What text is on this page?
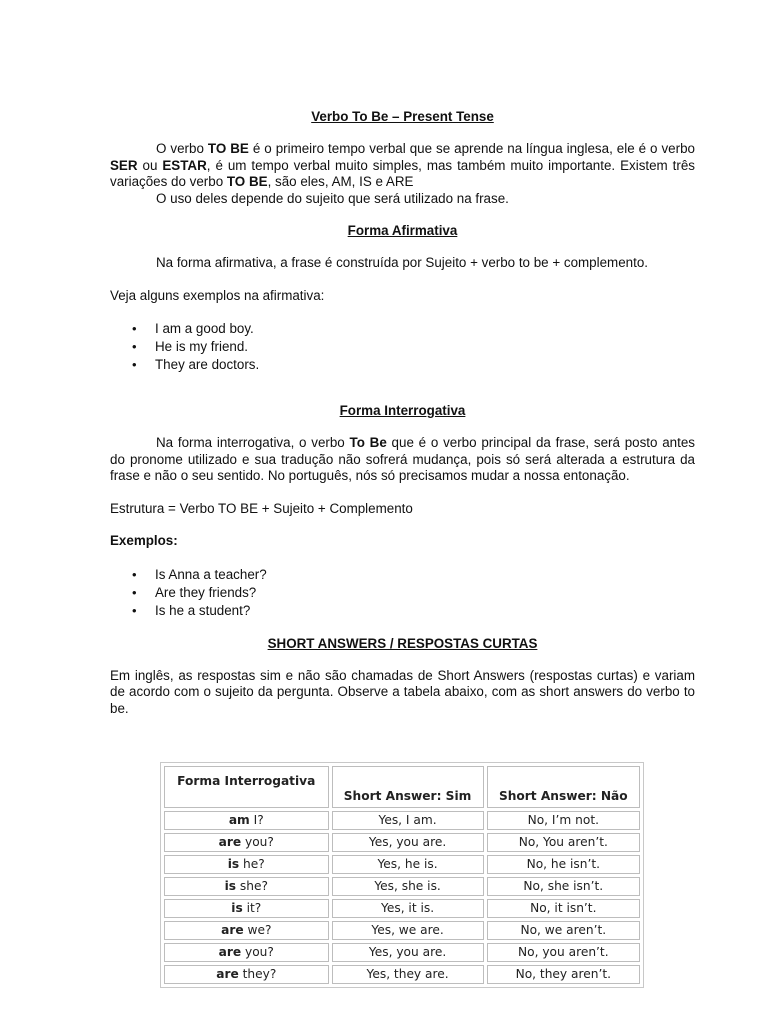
Verbo To Be – Present Tense

O verbo TO BE é o primeiro tempo verbal que se aprende na língua inglesa, ele é o verbo SER ou ESTAR, é um tempo verbal muito simples, mas também muito importante. Existem três variações do verbo TO BE, são eles, AM, IS e ARE

O uso deles depende do sujeito que será utilizado na frase.

Forma Afirmativa

Na forma afirmativa, a frase é construída por Sujeito + verbo to be + complemento.

Veja alguns exemplos na afirmativa:

• I am a good boy.
• He is my friend.
• They are doctors.
Forma Interrogativa

Na forma interrogativa, o verbo To Be que é o verbo principal da frase, será posto antes do pronome utilizado e sua tradução não sofrerá mudança, pois só será alterada a estrutura da frase e não o seu sentido. No português, nós só precisamos mudar a nossa entonação.

Estrutura = Verbo TO BE + Sujeito + Complemento

Exemplos:

• Is Anna a teacher?
• Are they friends?
• Is he a student?
SHORT ANSWERS / RESPOSTAS CURTAS

Em inglês, as respostas sim e não são chamadas de Short Answers (respostas curtas) e variam de acordo com o sujeito da pergunta. Observe a tabela abaixo, com as short answers do verbo to be.

Forma Interrogativa	Short Answer: Sim	Short Answer: Não
am I?	Yes, I am.	No, I’m not.
are you?	Yes, you are.	No, You aren’t.
is he?	Yes, he is.	No, he isn’t.
is she?	Yes, she is.	No, she isn’t.
is it?	Yes, it is.	No, it isn’t.
are we?	Yes, we are.	No, we aren’t.
are you?	Yes, you are.	No, you aren’t.
are they?	Yes, they are.	No, they aren’t.
